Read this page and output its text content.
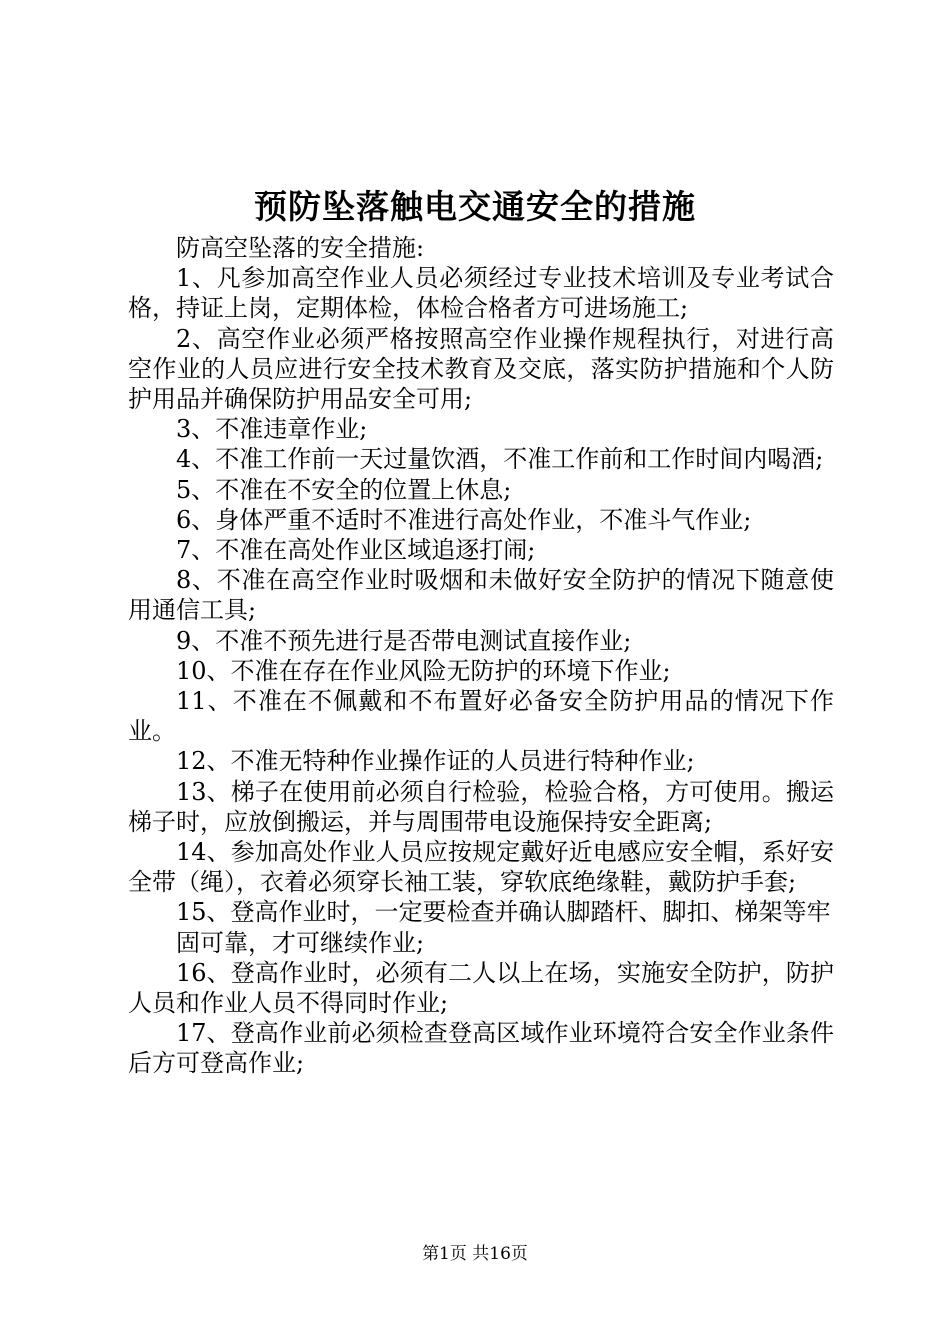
预防坠落触电交通安全的措施

防高空坠落的安全措施:

1、凡参加高空作业人员必须经过专业技术培训及专业考试合格，持证上岗，定期体检，体检合格者方可进场施工;

2、高空作业必须严格按照高空作业操作规程执行，对进行高空作业的人员应进行安全技术教育及交底，落实防护措施和个人防护用品并确保防护用品安全可用;

3、不准违章作业;

4、不准工作前一天过量饮酒，不准工作前和工作时间内喝酒;

5、不准在不安全的位置上休息;

6、身体严重不适时不准进行高处作业，不准斗气作业;

7、不准在高处作业区域追逐打闹;

8、不准在高空作业时吸烟和未做好安全防护的情况下随意使用通信工具;

9、不准不预先进行是否带电测试直接作业;

10、不准在存在作业风险无防护的环境下作业;

11、不准在不佩戴和不布置好必备安全防护用品的情况下作业。

12、不准无特种作业操作证的人员进行特种作业;

13、梯子在使用前必须自行检验，检验合格，方可使用。搬运梯子时，应放倒搬运，并与周围带电设施保持安全距离;

14、参加高处作业人员应按规定戴好近电感应安全帽，系好安全带（绳），衣着必须穿长袖工装，穿软底绝缘鞋，戴防护手套;

15、登高作业时，一定要检查并确认脚踏杆、脚扣、梯架等牢

固可靠，才可继续作业;

16、登高作业时，必须有二人以上在场，实施安全防护，防护人员和作业人员不得同时作业;

17、登高作业前必须检查登高区域作业环境符合安全作业条件后方可登高作业;

第1页 共16页
